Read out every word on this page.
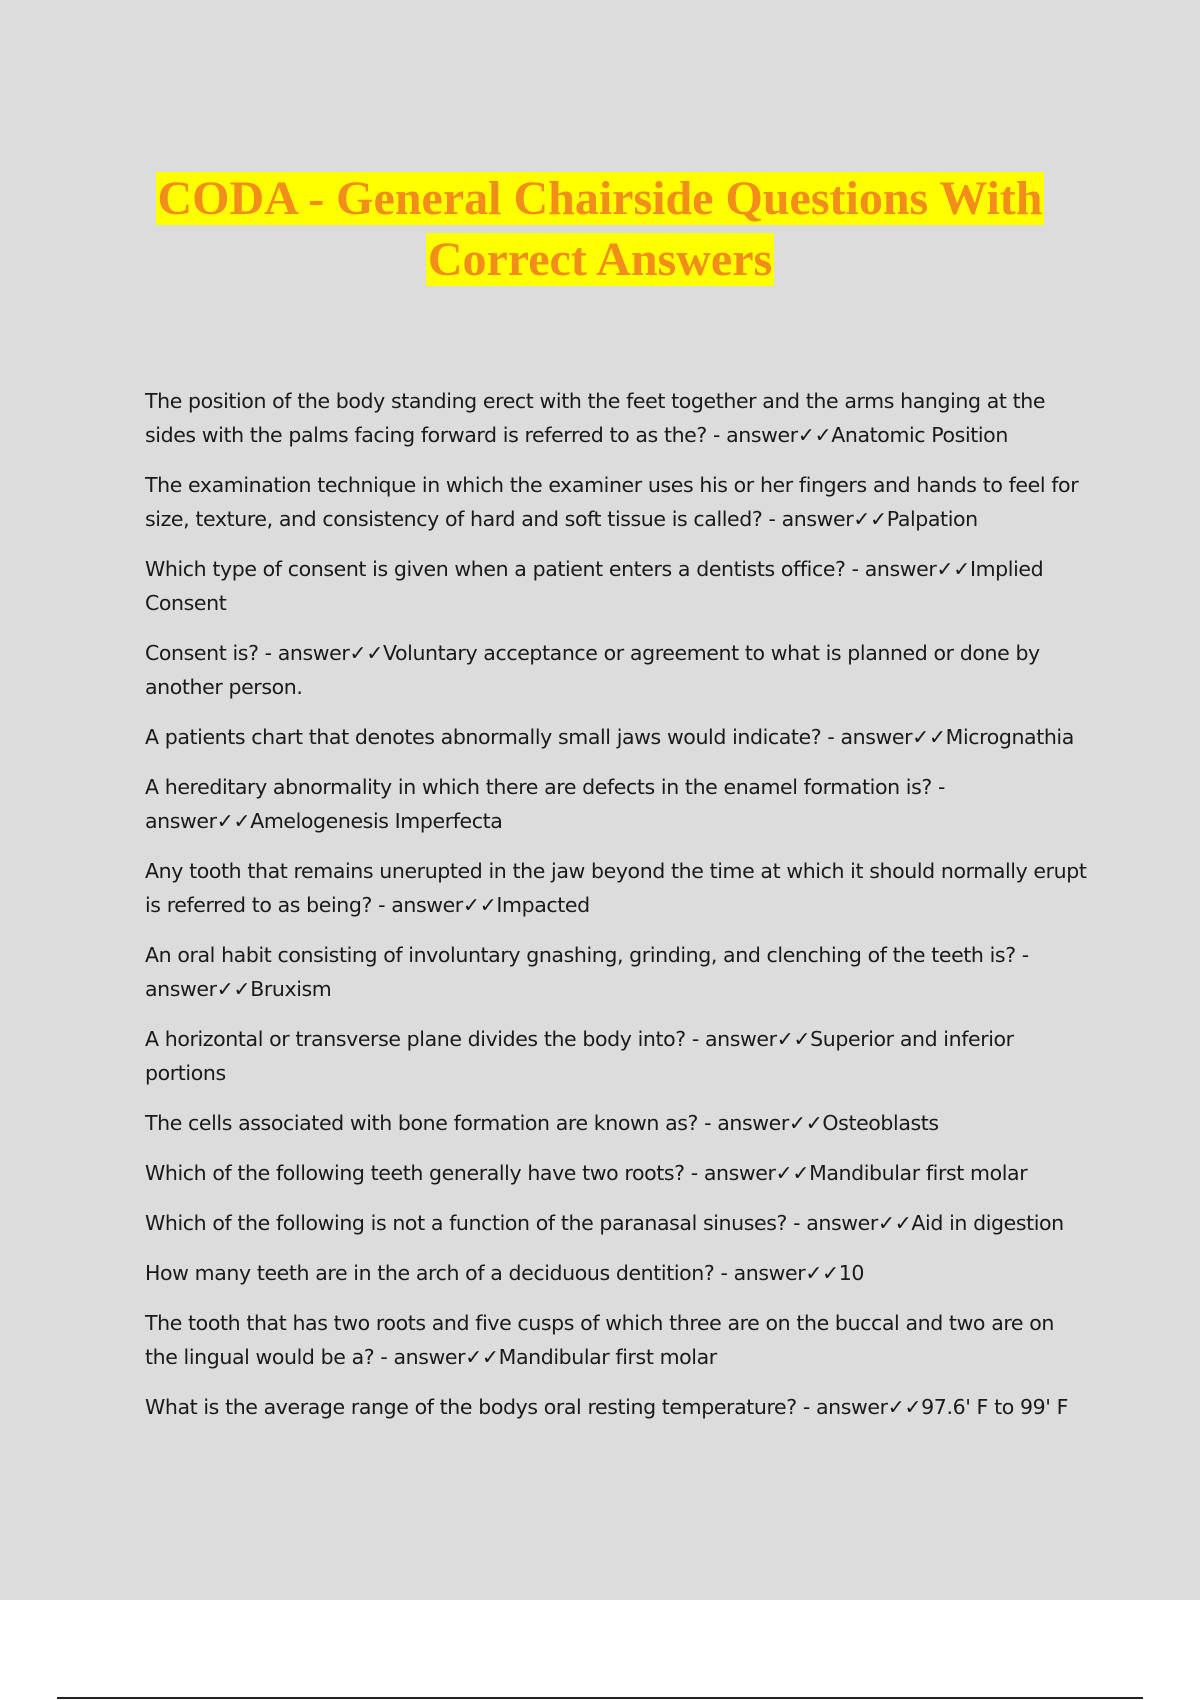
CODA - General Chairside Questions With
Correct Answers

The position of the body standing erect with the feet together and the arms hanging at the sides with the palms facing forward is referred to as the? - answer✓✓Anatomic Position

The examination technique in which the examiner uses his or her fingers and hands to feel for size, texture, and consistency of hard and soft tissue is called? - answer✓✓Palpation

Which type of consent is given when a patient enters a dentists office? - answer✓✓Implied Consent

Consent is? - answer✓✓Voluntary acceptance or agreement to what is planned or done by another person.

A patients chart that denotes abnormally small jaws would indicate? - answer✓✓Micrognathia

A hereditary abnormality in which there are defects in the enamel formation is? - answer✓✓Amelogenesis Imperfecta

Any tooth that remains unerupted in the jaw beyond the time at which it should normally erupt is referred to as being? - answer✓✓Impacted

An oral habit consisting of involuntary gnashing, grinding, and clenching of the teeth is? - answer✓✓Bruxism

A horizontal or transverse plane divides the body into? - answer✓✓Superior and inferior portions

The cells associated with bone formation are known as? - answer✓✓Osteoblasts

Which of the following teeth generally have two roots? - answer✓✓Mandibular first molar

Which of the following is not a function of the paranasal sinuses? - answer✓✓Aid in digestion

How many teeth are in the arch of a deciduous dentition? - answer✓✓10

The tooth that has two roots and five cusps of which three are on the buccal and two are on the lingual would be a? - answer✓✓Mandibular first molar

What is the average range of the bodys oral resting temperature? - answer✓✓97.6' F to 99' F
